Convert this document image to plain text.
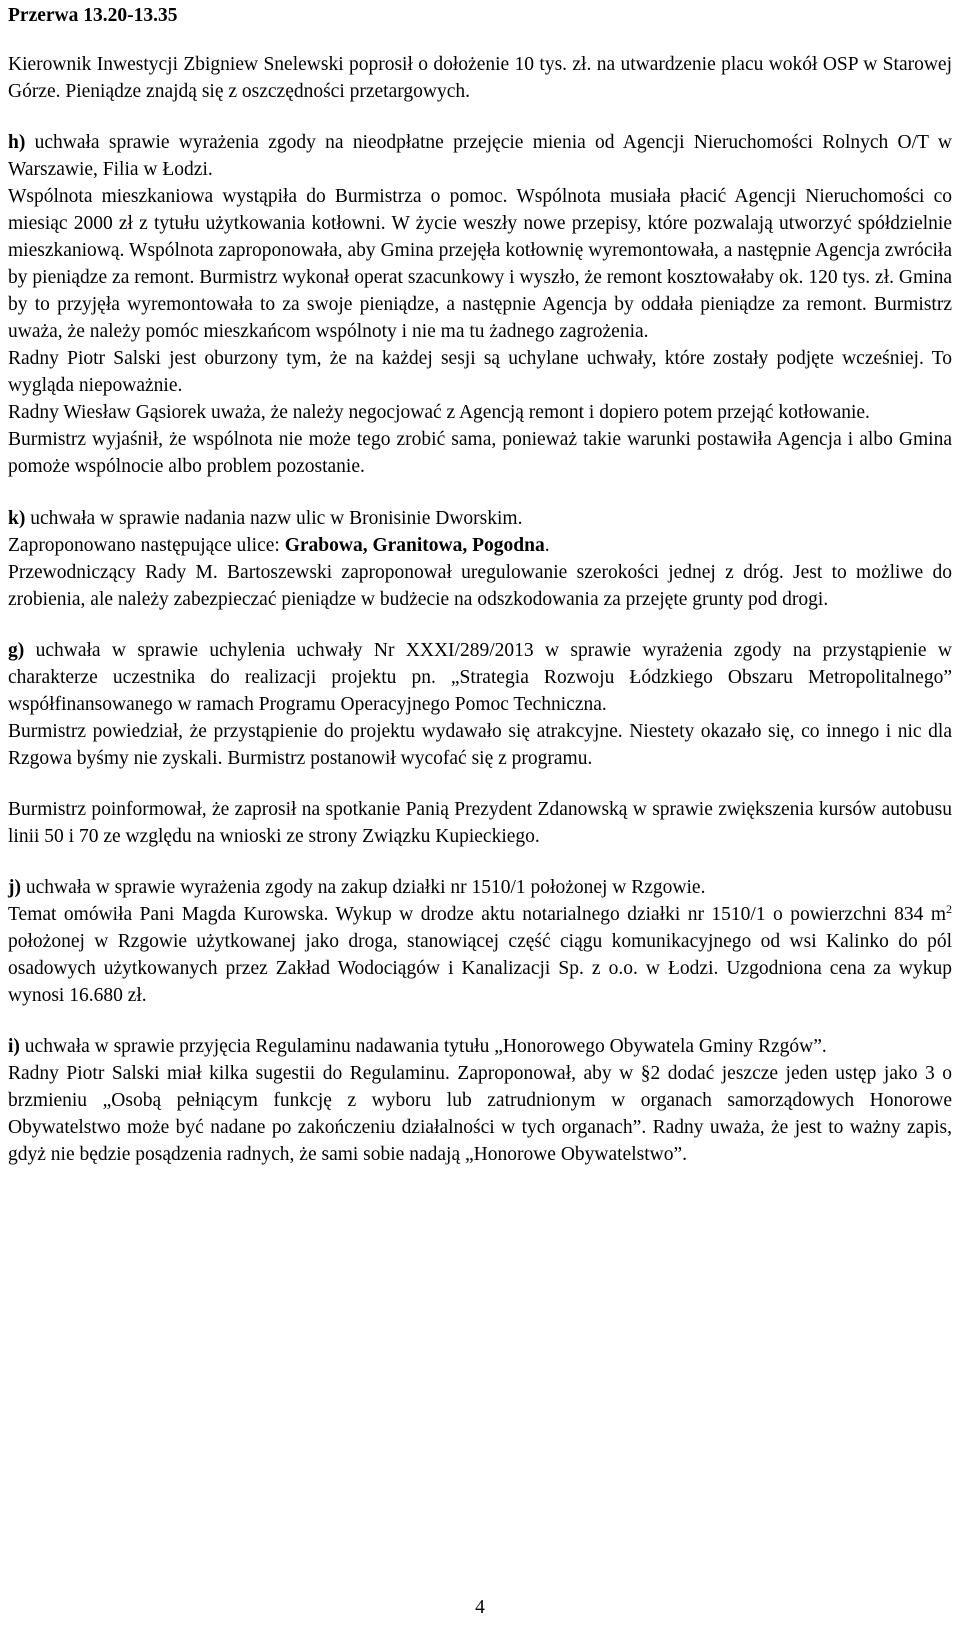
Przerwa 13.20-13.35

Kierownik Inwestycji Zbigniew Snelewski poprosił o dołożenie 10 tys. zł. na utwardzenie placu wokół OSP w Starowej Górze. Pieniądze znajdą się z oszczędności przetargowych.

h) uchwała sprawie wyrażenia zgody na nieodpłatne przejęcie mienia od Agencji Nieruchomości Rolnych O/T w Warszawie, Filia w Łodzi.

Wspólnota mieszkaniowa wystąpiła do Burmistrza o pomoc. Wspólnota musiała płacić Agencji Nieruchomości co miesiąc 2000 zł z tytułu użytkowania kotłowni. W życie weszły nowe przepisy, które pozwalają utworzyć spółdzielnie mieszkaniową. Wspólnota zaproponowała, aby Gmina przejęła kotłownię wyremontowała, a następnie Agencja zwróciła by pieniądze za remont. Burmistrz wykonał operat szacunkowy i wyszło, że remont kosztowałaby ok. 120 tys. zł. Gmina by to przyjęła wyremontowała to za swoje pieniądze, a następnie Agencja by oddała pieniądze za remont. Burmistrz uważa, że należy pomóc mieszkańcom wspólnoty i nie ma tu żadnego zagrożenia.

Radny Piotr Salski jest oburzony tym, że na każdej sesji są uchylane uchwały, które zostały podjęte wcześniej. To wygląda niepoważnie.

Radny Wiesław Gąsiorek uważa, że należy negocjować z Agencją remont i dopiero potem przejąć kotłowanie.

Burmistrz wyjaśnił, że wspólnota nie może tego zrobić sama, ponieważ takie warunki postawiła Agencja i albo Gmina pomoże wspólnocie albo problem pozostanie.

k) uchwała w sprawie nadania nazw ulic w Bronisinie Dworskim.

Zaproponowano następujące ulice: Grabowa, Granitowa, Pogodna.

Przewodniczący Rady M. Bartoszewski zaproponował uregulowanie szerokości jednej z dróg. Jest to możliwe do zrobienia, ale należy zabezpieczać pieniądze w budżecie na odszkodowania za przejęte grunty pod drogi.

g) uchwała w sprawie uchylenia uchwały Nr XXXI/289/2013 w sprawie wyrażenia zgody na przystąpienie w charakterze uczestnika do realizacji projektu pn. „Strategia Rozwoju Łódzkiego Obszaru Metropolitalnego” współfinansowanego w ramach Programu Operacyjnego Pomoc Techniczna.

Burmistrz powiedział, że przystąpienie do projektu wydawało się atrakcyjne. Niestety okazało się, co innego i nic dla Rzgowa byśmy nie zyskali. Burmistrz postanowił wycofać się z programu.

Burmistrz poinformował, że zaprosił na spotkanie Panią Prezydent Zdanowską w sprawie zwiększenia kursów autobusu linii 50 i 70 ze względu na wnioski ze strony Związku Kupieckiego.

j) uchwała w sprawie wyrażenia zgody na zakup działki nr 1510/1 położonej w Rzgowie.

Temat omówiła Pani Magda Kurowska. Wykup w drodze aktu notarialnego działki nr 1510/1 o powierzchni 834 $m^2$ położonej w Rzgowie użytkowanej jako droga, stanowiącej część ciągu komunikacyjnego od wsi Kalinko do pól osadowych użytkowanych przez Zakład Wodociągów i Kanalizacji Sp. z o.o. w Łodzi. Uzgodniona cena za wykup wynosi 16.680 zł.

i) uchwała w sprawie przyjęcia Regulaminu nadawania tytułu „Honorowego Obywatela Gminy Rzgów”.

Radny Piotr Salski miał kilka sugestii do Regulaminu. Zaproponował, aby w §2 dodać jeszcze jeden ustęp jako 3 o brzmieniu „Osobą pełniącym funkcję z wyboru lub zatrudnionym w organach samorządowych Honorowe Obywatelstwo może być nadane po zakończeniu działalności w tych organach”. Radny uważa, że jest to ważny zapis, gdyż nie będzie posądzenia radnych, że sami sobie nadają „Honorowe Obywatelstwo”.

4
